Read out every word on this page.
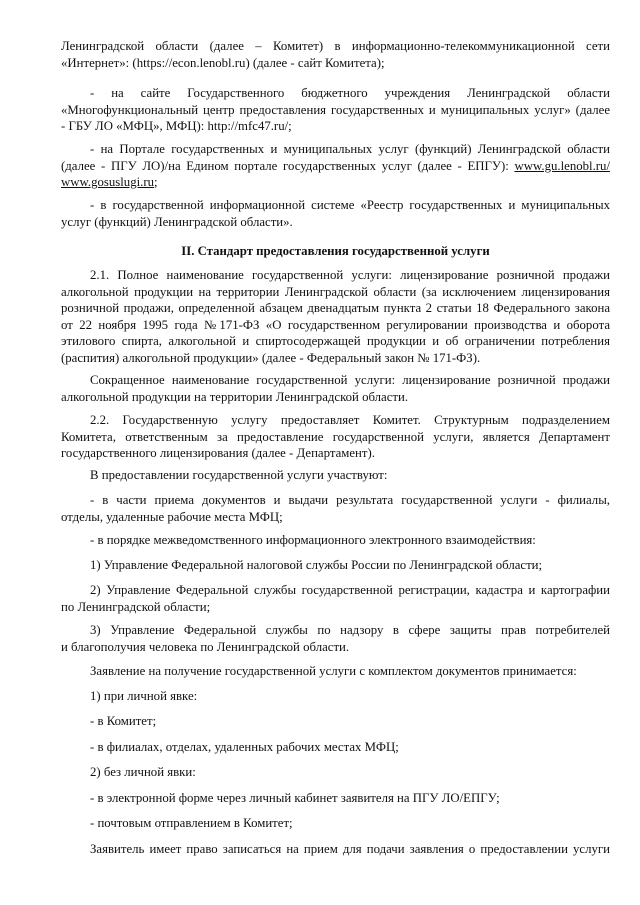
Ленинградской области (далее – Комитет) в информационно-телекоммуникационной сети
«Интернет»: (https://econ.lenobl.ru) (далее - сайт Комитета);
- на сайте Государственного бюджетного учреждения Ленинградской области
«Многофункциональный центр предоставления государственных и муниципальных услуг» (далее
- ГБУ ЛО «МФЦ», МФЦ): http://mfc47.ru/;
- на Портале государственных и муниципальных услуг (функций) Ленинградской области
(далее - ПГУ ЛО)/на Едином портале государственных услуг (далее - ЕПГУ): www.gu.lenobl.ru/
www.gosuslugi.ru;
- в государственной информационной системе «Реестр государственных и муниципальных
услуг (функций) Ленинградской области».
II. Стандарт предоставления государственной услуги
2.1. Полное наименование государственной услуги: лицензирование розничной продажи
алкогольной продукции на территории Ленинградской области (за исключением лицензирования
розничной продажи, определенной абзацем двенадцатым пункта 2 статьи 18 Федерального закона
от 22 ноября 1995 года №171-ФЗ «О государственном регулировании производства и оборота
этилового спирта, алкогольной и спиртосодержащей продукции и об ограничении потребления
(распития) алкогольной продукции» (далее - Федеральный закон № 171-ФЗ).
Сокращенное наименование государственной услуги: лицензирование розничной продажи
алкогольной продукции на территории Ленинградской области.
2.2. Государственную услугу предоставляет Комитет. Структурным подразделением
Комитета, ответственным за предоставление государственной услуги, является Департамент
государственного лицензирования (далее - Департамент).
В предоставлении государственной услуги участвуют:
- в части приема документов и выдачи результата государственной услуги - филиалы,
отделы, удаленные рабочие места МФЦ;
- в порядке межведомственного информационного электронного взаимодействия:
1) Управление Федеральной налоговой службы России по Ленинградской области;
2) Управление Федеральной службы государственной регистрации, кадастра и картографии
по Ленинградской области;
3) Управление Федеральной службы по надзору в сфере защиты прав потребителей
и благополучия человека по Ленинградской области.
Заявление на получение государственной услуги с комплектом документов принимается:
1) при личной явке:
- в Комитет;
- в филиалах, отделах, удаленных рабочих местах МФЦ;
2) без личной явки:
- в электронной форме через личный кабинет заявителя на ПГУ ЛО/ЕПГУ;
- почтовым отправлением в Комитет;
Заявитель имеет право записаться на прием для подачи заявления о предоставлении услуги
